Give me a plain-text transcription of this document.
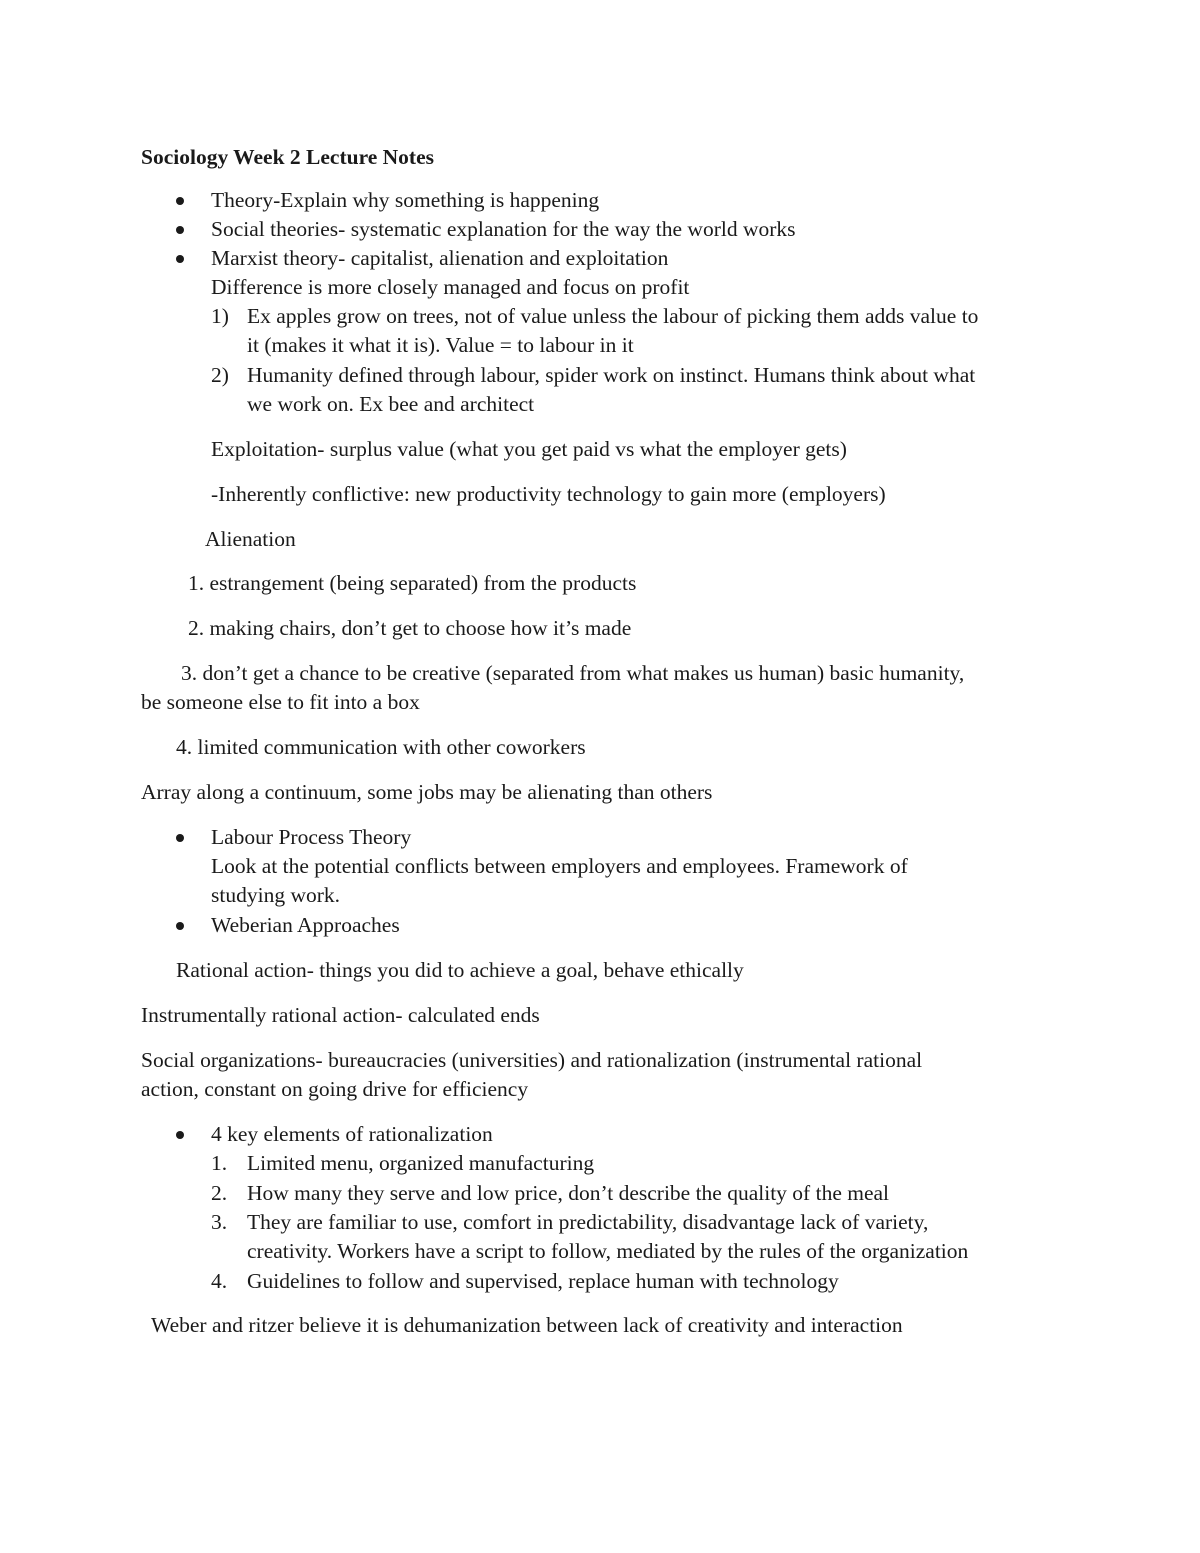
Sociology Week 2 Lecture Notes
Theory-Explain why something is happening
Social theories- systematic explanation for the way the world works
Marxist theory- capitalist, alienation and exploitation
Difference is more closely managed and focus on profit
1) Ex apples grow on trees, not of value unless the labour of picking them adds value to
it (makes it what it is). Value = to labour in it
2) Humanity defined through labour, spider work on instinct. Humans think about what
we work on. Ex bee and architect
Exploitation- surplus value (what you get paid vs what the employer gets)
-Inherently conflictive: new productivity technology to gain more (employers)
Alienation
1. estrangement (being separated) from the products
2. making chairs, don’t get to choose how it’s made
3. don’t get a chance to be creative (separated from what makes us human) basic humanity,
be someone else to fit into a box
4. limited communication with other coworkers
Array along a continuum, some jobs may be alienating than others
Labour Process Theory
Look at the potential conflicts between employers and employees. Framework of
studying work.
Weberian Approaches
Rational action- things you did to achieve a goal, behave ethically
Instrumentally rational action- calculated ends
Social organizations- bureaucracies (universities) and rationalization (instrumental rational
action, constant on going drive for efficiency
4 key elements of rationalization
1. Limited menu, organized manufacturing
2. How many they serve and low price, don’t describe the quality of the meal
3. They are familiar to use, comfort in predictability, disadvantage lack of variety,
creativity. Workers have a script to follow, mediated by the rules of the organization
4. Guidelines to follow and supervised, replace human with technology
Weber and ritzer believe it is dehumanization between lack of creativity and interaction
